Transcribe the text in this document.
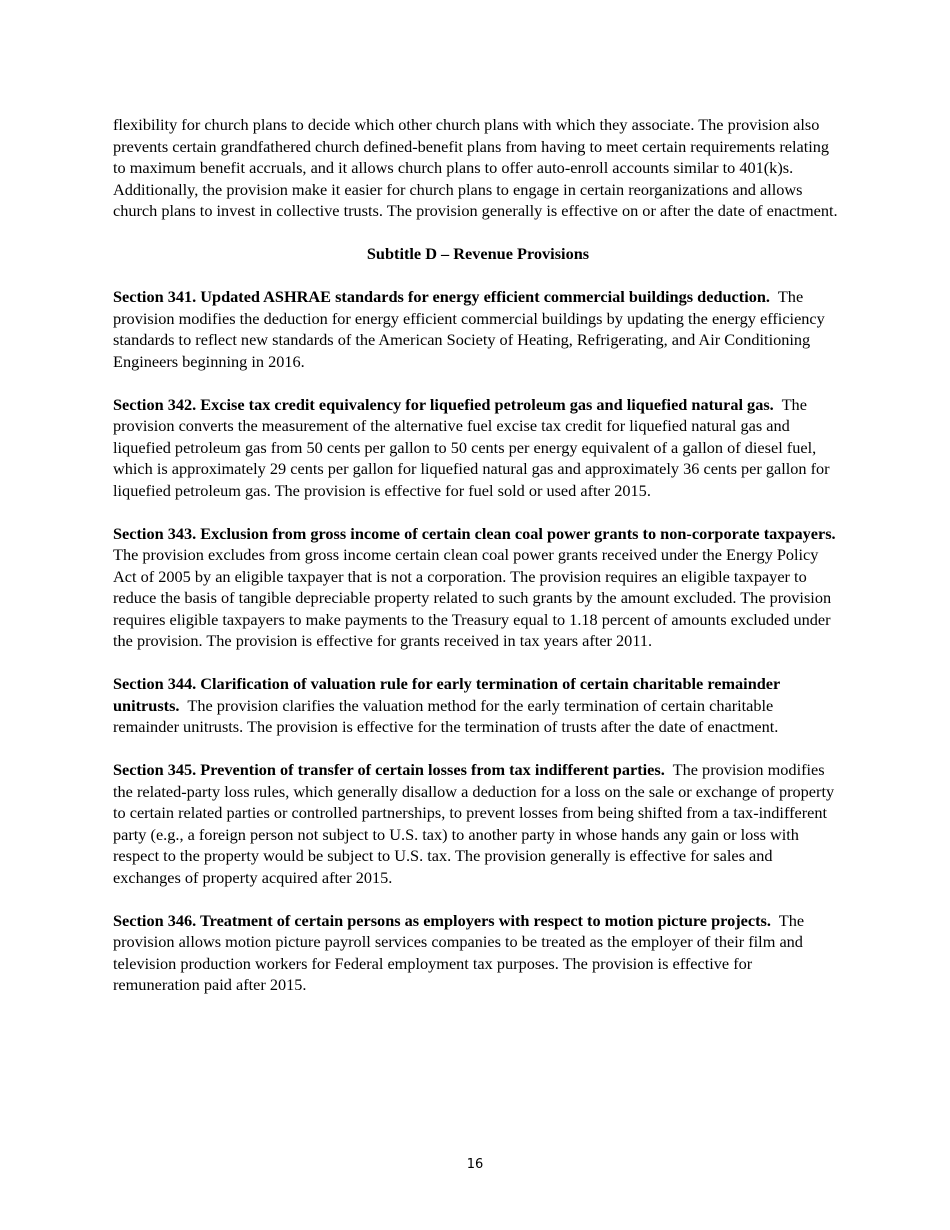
flexibility for church plans to decide which other church plans with which they associate. The provision also prevents certain grandfathered church defined-benefit plans from having to meet certain requirements relating to maximum benefit accruals, and it allows church plans to offer auto-enroll accounts similar to 401(k)s. Additionally, the provision make it easier for church plans to engage in certain reorganizations and allows church plans to invest in collective trusts. The provision generally is effective on or after the date of enactment.

Subtitle D – Revenue Provisions

Section 341. Updated ASHRAE standards for energy efficient commercial buildings deduction. The provision modifies the deduction for energy efficient commercial buildings by updating the energy efficiency standards to reflect new standards of the American Society of Heating, Refrigerating, and Air Conditioning Engineers beginning in 2016.

Section 342. Excise tax credit equivalency for liquefied petroleum gas and liquefied natural gas. The provision converts the measurement of the alternative fuel excise tax credit for liquefied natural gas and liquefied petroleum gas from 50 cents per gallon to 50 cents per energy equivalent of a gallon of diesel fuel, which is approximately 29 cents per gallon for liquefied natural gas and approximately 36 cents per gallon for liquefied petroleum gas. The provision is effective for fuel sold or used after 2015.

Section 343. Exclusion from gross income of certain clean coal power grants to non-corporate taxpayers.  The provision excludes from gross income certain clean coal power grants received under the Energy Policy Act of 2005 by an eligible taxpayer that is not a corporation. The provision requires an eligible taxpayer to reduce the basis of tangible depreciable property related to such grants by the amount excluded. The provision requires eligible taxpayers to make payments to the Treasury equal to 1.18 percent of amounts excluded under the provision. The provision is effective for grants received in tax years after 2011.

Section 344. Clarification of valuation rule for early termination of certain charitable remainder unitrusts. The provision clarifies the valuation method for the early termination of certain charitable remainder unitrusts. The provision is effective for the termination of trusts after the date of enactment.

Section 345. Prevention of transfer of certain losses from tax indifferent parties. The provision modifies the related-party loss rules, which generally disallow a deduction for a loss on the sale or exchange of property to certain related parties or controlled partnerships, to prevent losses from being shifted from a tax-indifferent party (e.g., a foreign person not subject to U.S. tax) to another party in whose hands any gain or loss with respect to the property would be subject to U.S. tax. The provision generally is effective for sales and exchanges of property acquired after 2015.

Section 346. Treatment of certain persons as employers with respect to motion picture projects. The provision allows motion picture payroll services companies to be treated as the employer of their film and television production workers for Federal employment tax purposes. The provision is effective for remuneration paid after 2015.

16
